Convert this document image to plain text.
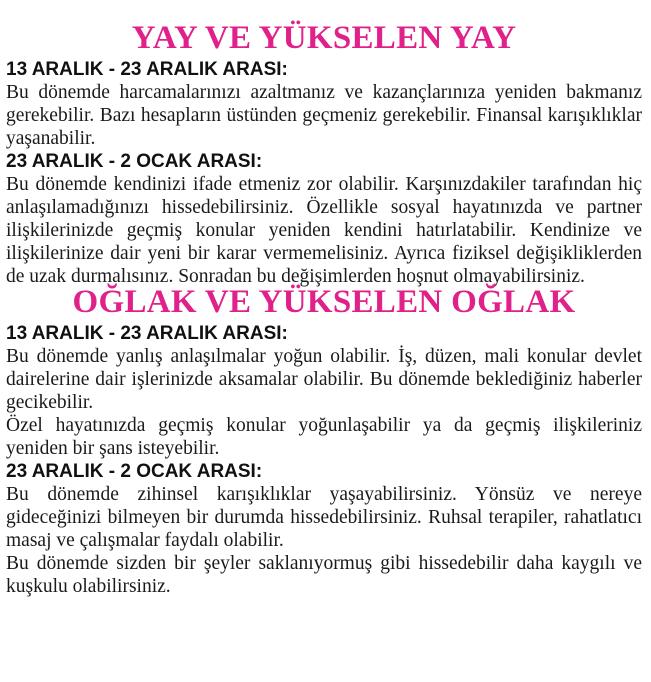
YAY VE YÜKSELEN YAY
13 ARALIK - 23 ARALIK ARASI:

Bu dönemde harcamalarınızı azaltmanız ve kazançlarınıza yeniden bakmanız gerekebilir. Bazı hesapların üstünden geçmeniz gerekebilir. Finansal karışıklıklar yaşanabilir.

23 ARALIK - 2 OCAK ARASI:

Bu dönemde kendinizi ifade etmeniz zor olabilir. Karşınızdakiler tarafından hiç anlaşılamadığınızı hissedebilirsiniz. Özellikle sosyal hayatınızda ve partner ilişkilerinizde geçmiş konular yeniden kendini hatırlatabilir. Kendinize ve ilişkilerinize dair yeni bir karar vermemelisiniz. Ayrıca fiziksel değişikliklerden de uzak durmalısınız. Sonradan bu değişimlerden hoşnut olmayabilirsiniz.

OĞLAK VE YÜKSELEN OĞLAK
13 ARALIK - 23 ARALIK ARASI:

Bu dönemde yanlış anlaşılmalar yoğun olabilir. İş, düzen, mali konular devlet dairelerine dair işlerinizde aksamalar olabilir. Bu dönemde beklediğiniz haberler gecikebilir.

Özel hayatınızda geçmiş konular yoğunlaşabilir ya da geçmiş ilişkileriniz yeniden bir şans isteyebilir.

23 ARALIK - 2 OCAK ARASI:

Bu dönemde zihinsel karışıklıklar yaşayabilirsiniz. Yönsüz ve nereye gideceğinizi bilmeyen bir durumda hissedebilirsiniz. Ruhsal terapiler, rahatlatıcı masaj ve çalışmalar faydalı olabilir.

Bu dönemde sizden bir şeyler saklanıyormuş gibi hissedebilir daha kaygılı ve kuşkulu olabilirsiniz.
